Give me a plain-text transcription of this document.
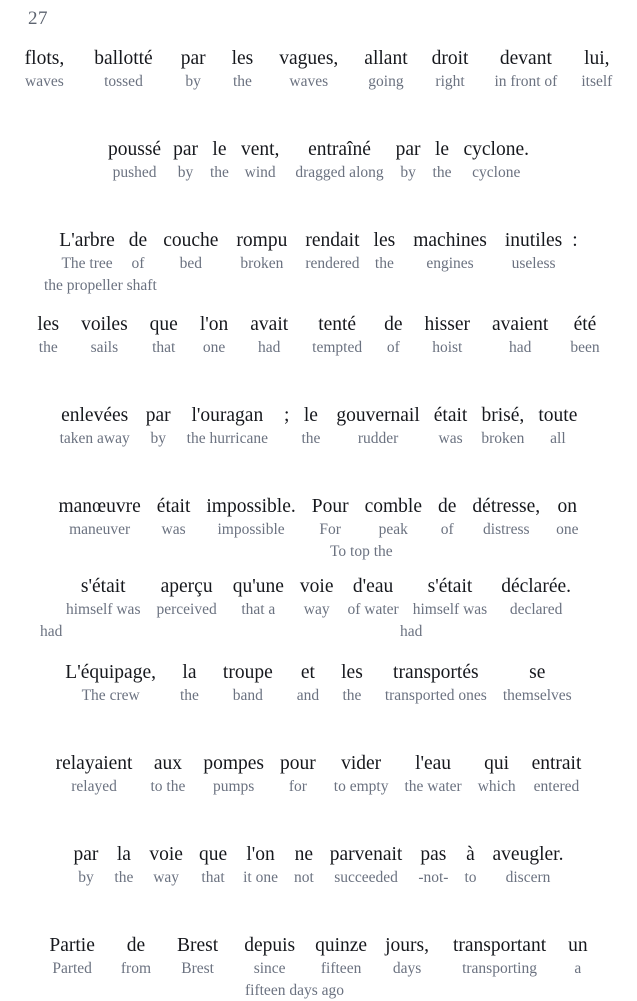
27
flots,
waves
ballotté
tossed
par
by
les
the
vagues,
waves
allant
going
droit
right
devant
in front of
lui,
itself
poussé
pushed
par
by
le
the
vent,
wind
entraîné
dragged along
par
by
le
the
cyclone.
cyclone
L'arbre
The tree
de
of
couche
bed
rompu
broken
rendait
rendered
les
the
machines
engines
inutiles
useless
:
the propeller shaft
les
the
voiles
sails
que
that
l'on
one
avait
had
tenté
tempted
de
of
hisser
hoist
avaient
had
été
been
enlevées
taken away
par
by
l'ouragan
the hurricane
; le
the
gouvernail
rudder
était
was
brisé,
broken
toute
all
manœuvre
maneuver
était
was
impossible.
impossible
Pour
For
comble
peak
de
of
détresse,
distress
on
one
To top the
s'était
himself was
aperçu
perceived
qu'une
that a
voie
way
d'eau
of water
s'était
himself was
déclarée.
declared
had	had
L'équipage,
The crew
la
the
troupe
band
et
and
les
the
transportés
transported ones
se
themselves
relayaient
relayed
aux
to the
pompes
pumps
pour
for
vider
to empty
l'eau
the water
qui
which
entrait
entered
par
by
la
the
voie
way
que
that
l'on
it one
ne
not
parvenait
succeeded
pas
-not-
à
to
aveugler.
discern
Partie
Parted
de
from
Brest
Brest
depuis
since
quinze
fifteen
jours,
days
transportant
transporting
un
a
fifteen days ago
